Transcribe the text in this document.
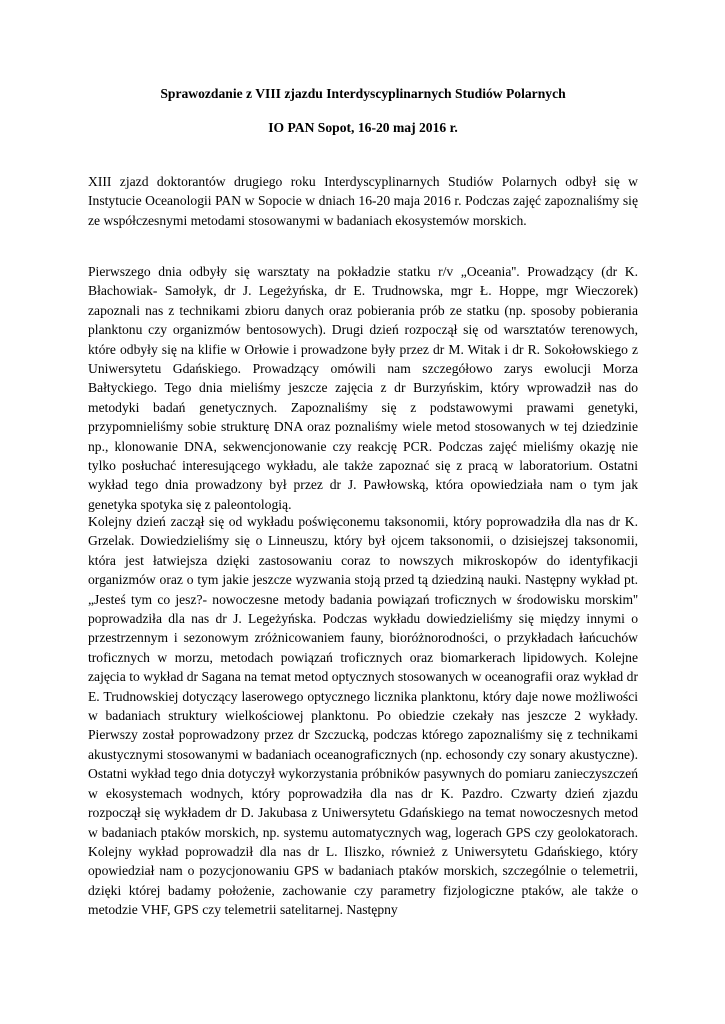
Sprawozdanie z VIII zjazdu Interdyscyplinarnych Studiów Polarnych
IO PAN Sopot, 16-20 maj 2016 r.

XIII zjazd doktorantów drugiego roku Interdyscyplinarnych Studiów Polarnych odbył się w Instytucie Oceanologii PAN w Sopocie w dniach 16-20 maja 2016 r. Podczas zajęć zapoznaliśmy się ze współczesnymi metodami stosowanymi w badaniach ekosystemów morskich.

Pierwszego dnia odbyły się warsztaty na pokładzie statku r/v „Oceania''. Prowadzący (dr K. Błachowiak- Samołyk, dr J. Legeżyńska, dr E. Trudnowska, mgr Ł. Hoppe, mgr Wieczorek) zapoznali nas z technikami zbioru danych oraz pobierania prób ze statku (np. sposoby pobierania planktonu czy organizmów bentosowych). Drugi dzień rozpoczął się od warsztatów terenowych, które odbyły się na klifie w Orłowie i prowadzone były przez dr M. Witak i dr R. Sokołowskiego z Uniwersytetu Gdańskiego. Prowadzący omówili nam szczegółowo zarys ewolucji Morza Bałtyckiego. Tego dnia mieliśmy jeszcze zajęcia z dr Burzyńskim, który wprowadził nas do metodyki badań genetycznych. Zapoznaliśmy się z podstawowymi prawami genetyki, przypomnieliśmy sobie strukturę DNA oraz poznaliśmy wiele metod stosowanych w tej dziedzinie np., klonowanie DNA, sekwencjonowanie czy reakcję PCR. Podczas zajęć mieliśmy okazję nie tylko posłuchać interesującego wykładu, ale także zapoznać się z pracą w laboratorium. Ostatni wykład tego dnia prowadzony był przez dr J. Pawłowską, która opowiedziała nam o tym jak genetyka spotyka się z paleontologią.

Kolejny dzień zaczął się od wykładu poświęconemu taksonomii, który poprowadziła dla nas dr K. Grzelak. Dowiedzieliśmy się o Linneuszu, który był ojcem taksonomii, o dzisiejszej taksonomii, która jest łatwiejsza dzięki zastosowaniu coraz to nowszych mikroskopów do identyfikacji organizmów oraz o tym jakie jeszcze wyzwania stoją przed tą dziedziną nauki. Następny wykład pt. „Jesteś tym co jesz?- nowoczesne metody badania powiązań troficznych w środowisku morskim'' poprowadziła dla nas dr J. Legeżyńska. Podczas wykładu dowiedzieliśmy się między innymi o przestrzennym i sezonowym zróżnicowaniem fauny, bioróżnorodności, o przykładach łańcuchów troficznych w morzu, metodach powiązań troficznych oraz biomarkerach lipidowych. Kolejne zajęcia to wykład dr Sagana na temat metod optycznych stosowanych w oceanografii oraz wykład dr E. Trudnowskiej dotyczący laserowego optycznego licznika planktonu, który daje nowe możliwości w badaniach struktury wielkościowej planktonu. Po obiedzie czekały nas jeszcze 2 wykłady. Pierwszy został poprowadzony przez dr Szczucką, podczas którego zapoznaliśmy się z technikami akustycznymi stosowanymi w badaniach oceanograficznych (np. echosondy czy sonary akustyczne). Ostatni wykład tego dnia dotyczył wykorzystania próbników pasywnych do pomiaru zanieczyszczeń w ekosystemach wodnych, który poprowadziła dla nas dr K. Pazdro. Czwarty dzień zjazdu rozpoczął się wykładem dr D. Jakubasa z Uniwersytetu Gdańskiego na temat nowoczesnych metod w badaniach ptaków morskich, np. systemu automatycznych wag, logerach GPS czy geolokatorach. Kolejny wykład poprowadził dla nas dr L. Iliszko, również z Uniwersytetu Gdańskiego, który opowiedział nam o pozycjonowaniu GPS w badaniach ptaków morskich, szczególnie o telemetrii, dzięki której badamy położenie, zachowanie czy parametry fizjologiczne ptaków, ale także o metodzie VHF, GPS czy telemetrii satelitarnej. Następny
